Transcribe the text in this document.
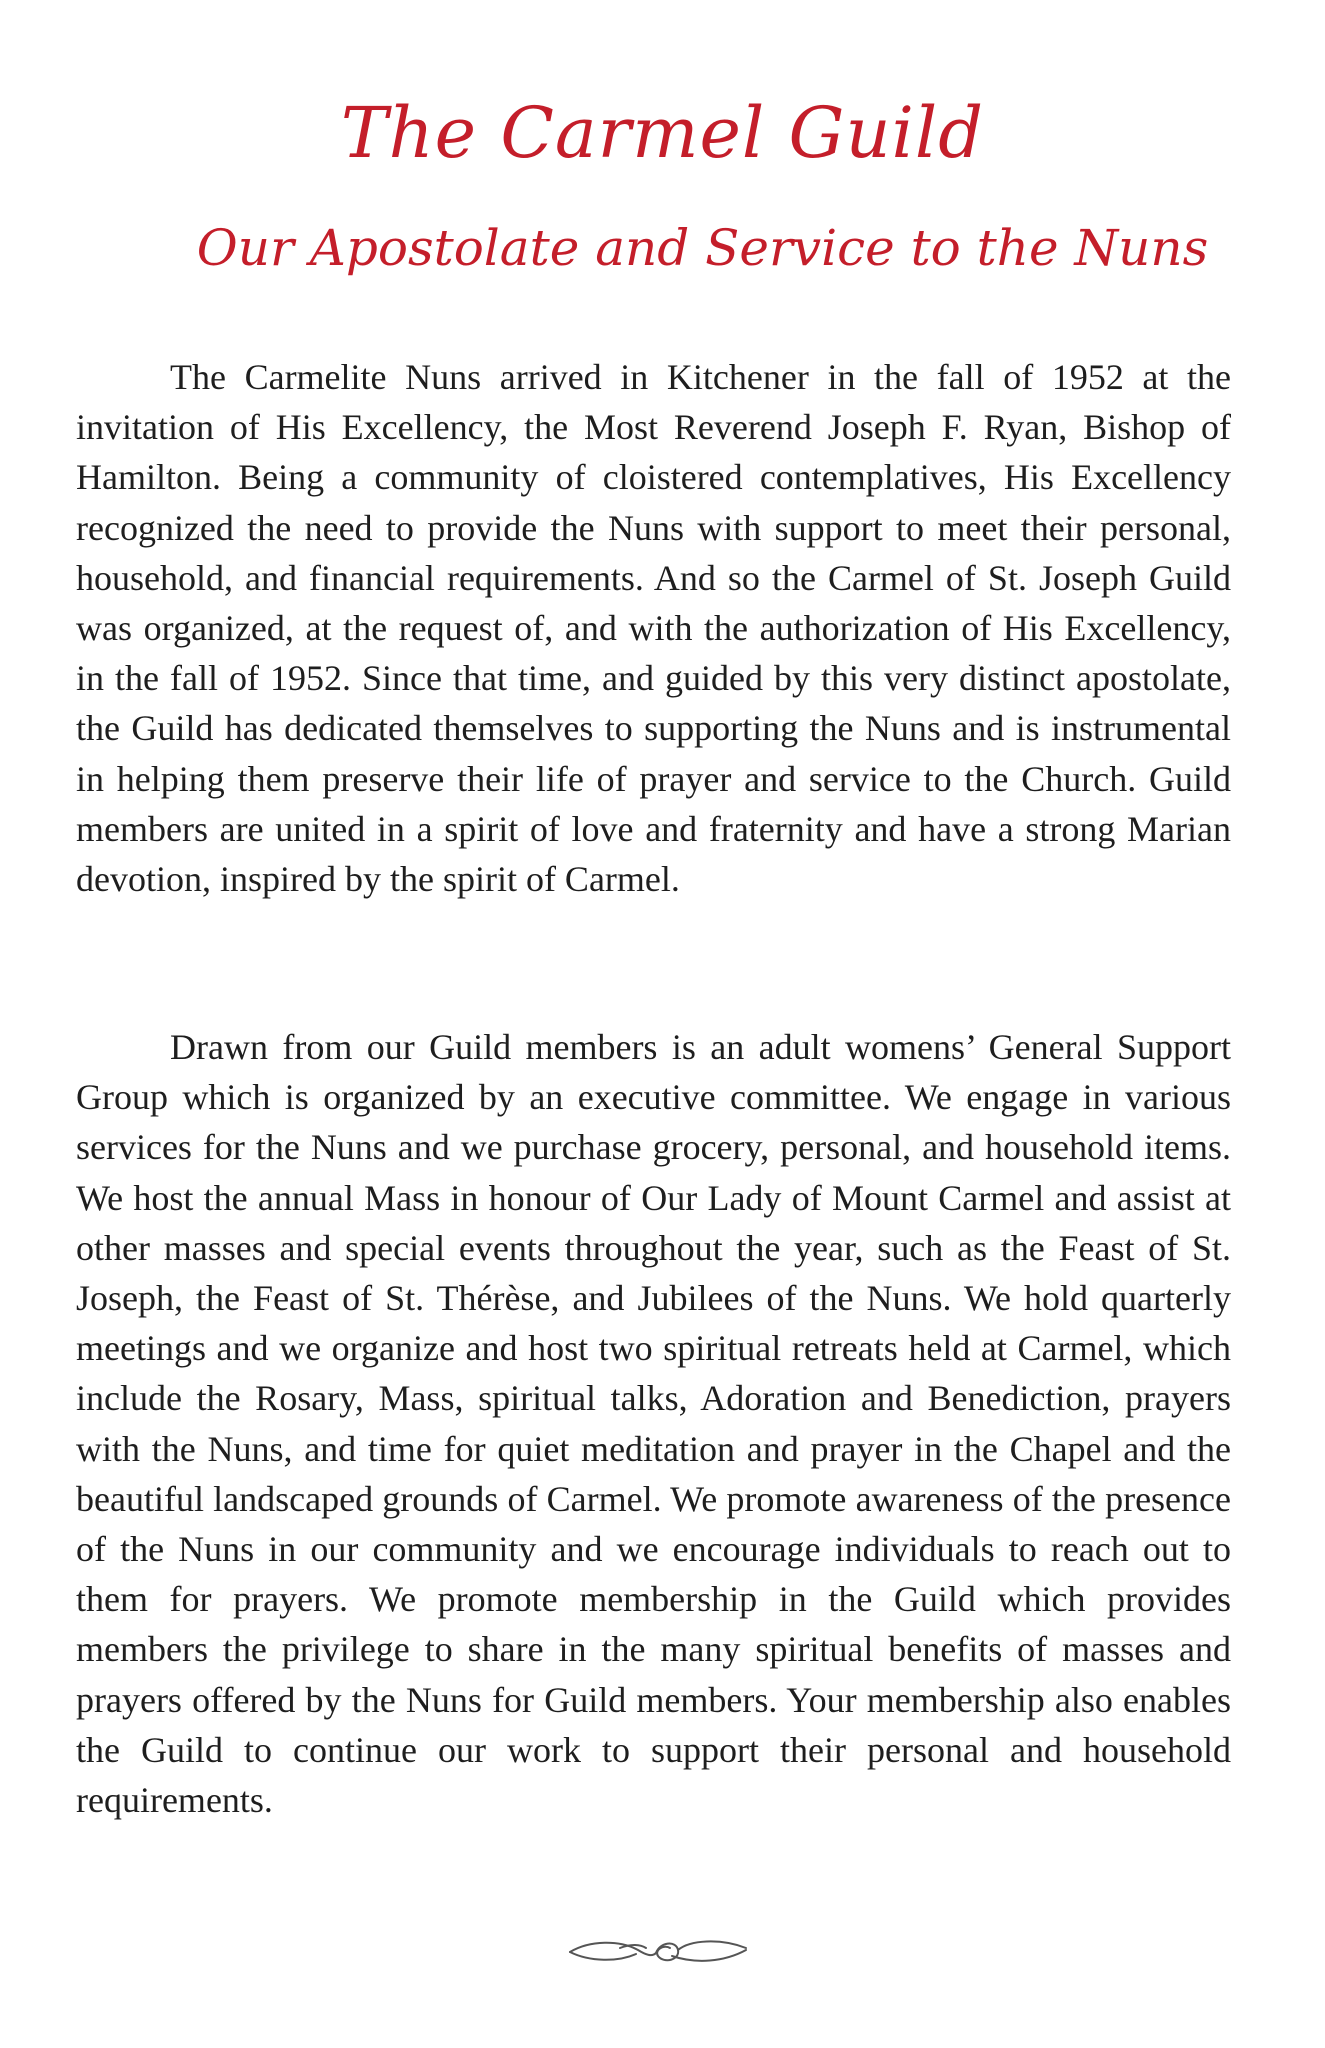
The Carmel Guild
Our Apostolate and Service to the Nuns

The Carmelite Nuns arrived in Kitchener in the fall of 1952 at the invitation of His Excellency, the Most Reverend Joseph F. Ryan, Bishop of Hamilton. Being a community of cloistered contemplatives, His Excellency recognized the need to provide the Nuns with support to meet their personal, household, and financial requirements. And so the Carmel of St. Joseph Guild was organized, at the request of, and with the authorization of His Excellency, in the fall of 1952. Since that time, and guided by this very distinct apostolate, the Guild has dedicated themselves to supporting the Nuns and is instrumental in helping them preserve their life of prayer and service to the Church. Guild members are united in a spirit of love and fraternity and have a strong Marian devotion, inspired by the spirit of Carmel.

Drawn from our Guild members is an adult womens’ General Support Group which is organized by an executive committee. We engage in various services for the Nuns and we purchase grocery, personal, and household items. We host the annual Mass in honour of Our Lady of Mount Carmel and assist at other masses and special events throughout the year, such as the Feast of St. Joseph, the Feast of St. Thérèse, and Jubilees of the Nuns. We hold quarterly meetings and we organize and host two spiritual retreats held at Carmel, which include the Rosary, Mass, spiritual talks, Adoration and Benediction, prayers with the Nuns, and time for quiet meditation and prayer in the Chapel and the beautiful landscaped grounds of Carmel. We promote awareness of the presence of the Nuns in our community and we encourage individuals to reach out to them for prayers. We promote membership in the Guild which provides members the privilege to share in the many spiritual benefits of masses and prayers offered by the Nuns for Guild members. Your membership also enables the Guild to continue our work to support their personal and household requirements.
